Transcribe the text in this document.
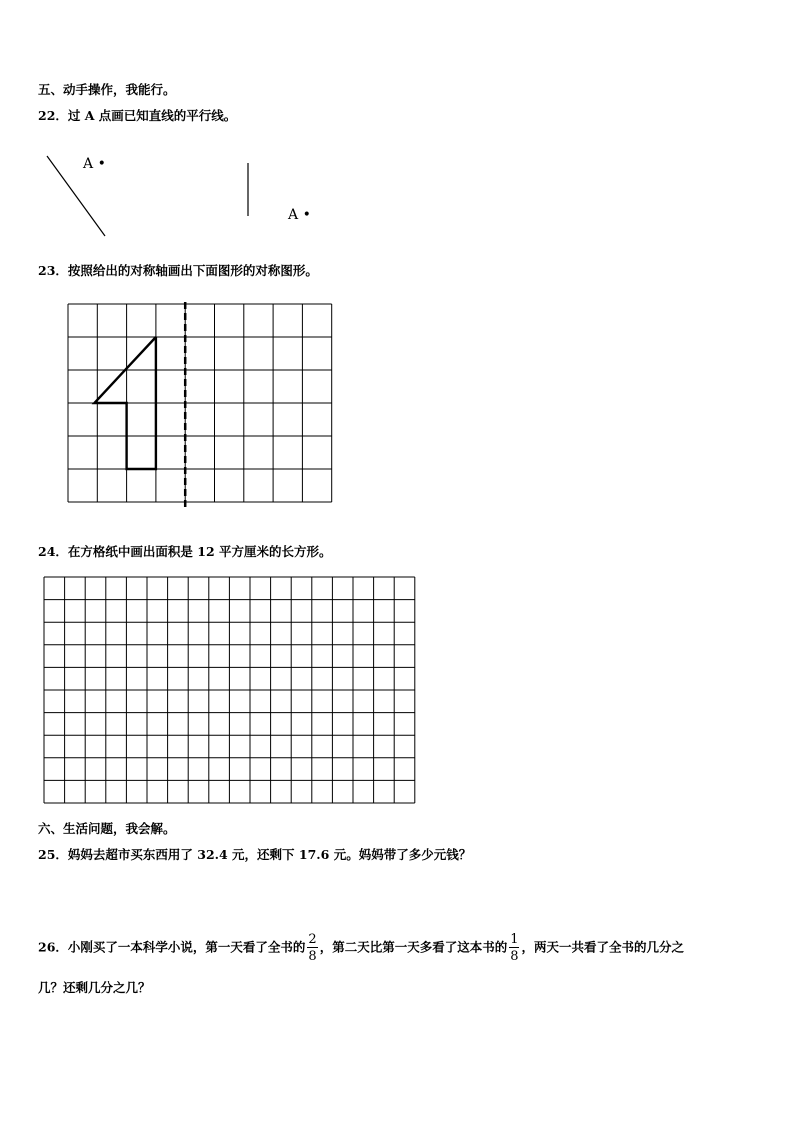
五、动手操作，我能行。
22．过 A 点画已知直线的平行线。
A •
A •
23．按照给出的对称轴画出下面图形的对称图形。
24．在方格纸中画出面积是 12 平方厘米的长方形。
六、生活问题，我会解。
25．妈妈去超市买东西用了 32.4 元，还剩下 17.6 元。妈妈带了多少元钱？
26．小刚买了一本科学小说，第一天看了全书的 $\frac{2}{8}$ ，第二天比第一天多看了这本书的 $\frac{1}{8}$ ，两天一共看了全书的几分之
几？还剩几分之几？
